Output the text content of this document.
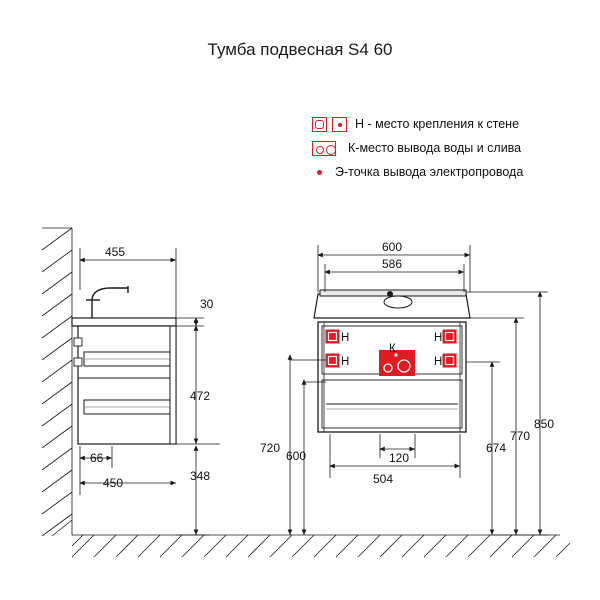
Тумба подвесная S4 60
Н - место крепления к стене
К-место вывода воды и слива
Э-точка вывода электропровода
455
450
66
30
472
348
Н	Н
Н	Н
К
600
586
720
600	120
504
674
770
850
